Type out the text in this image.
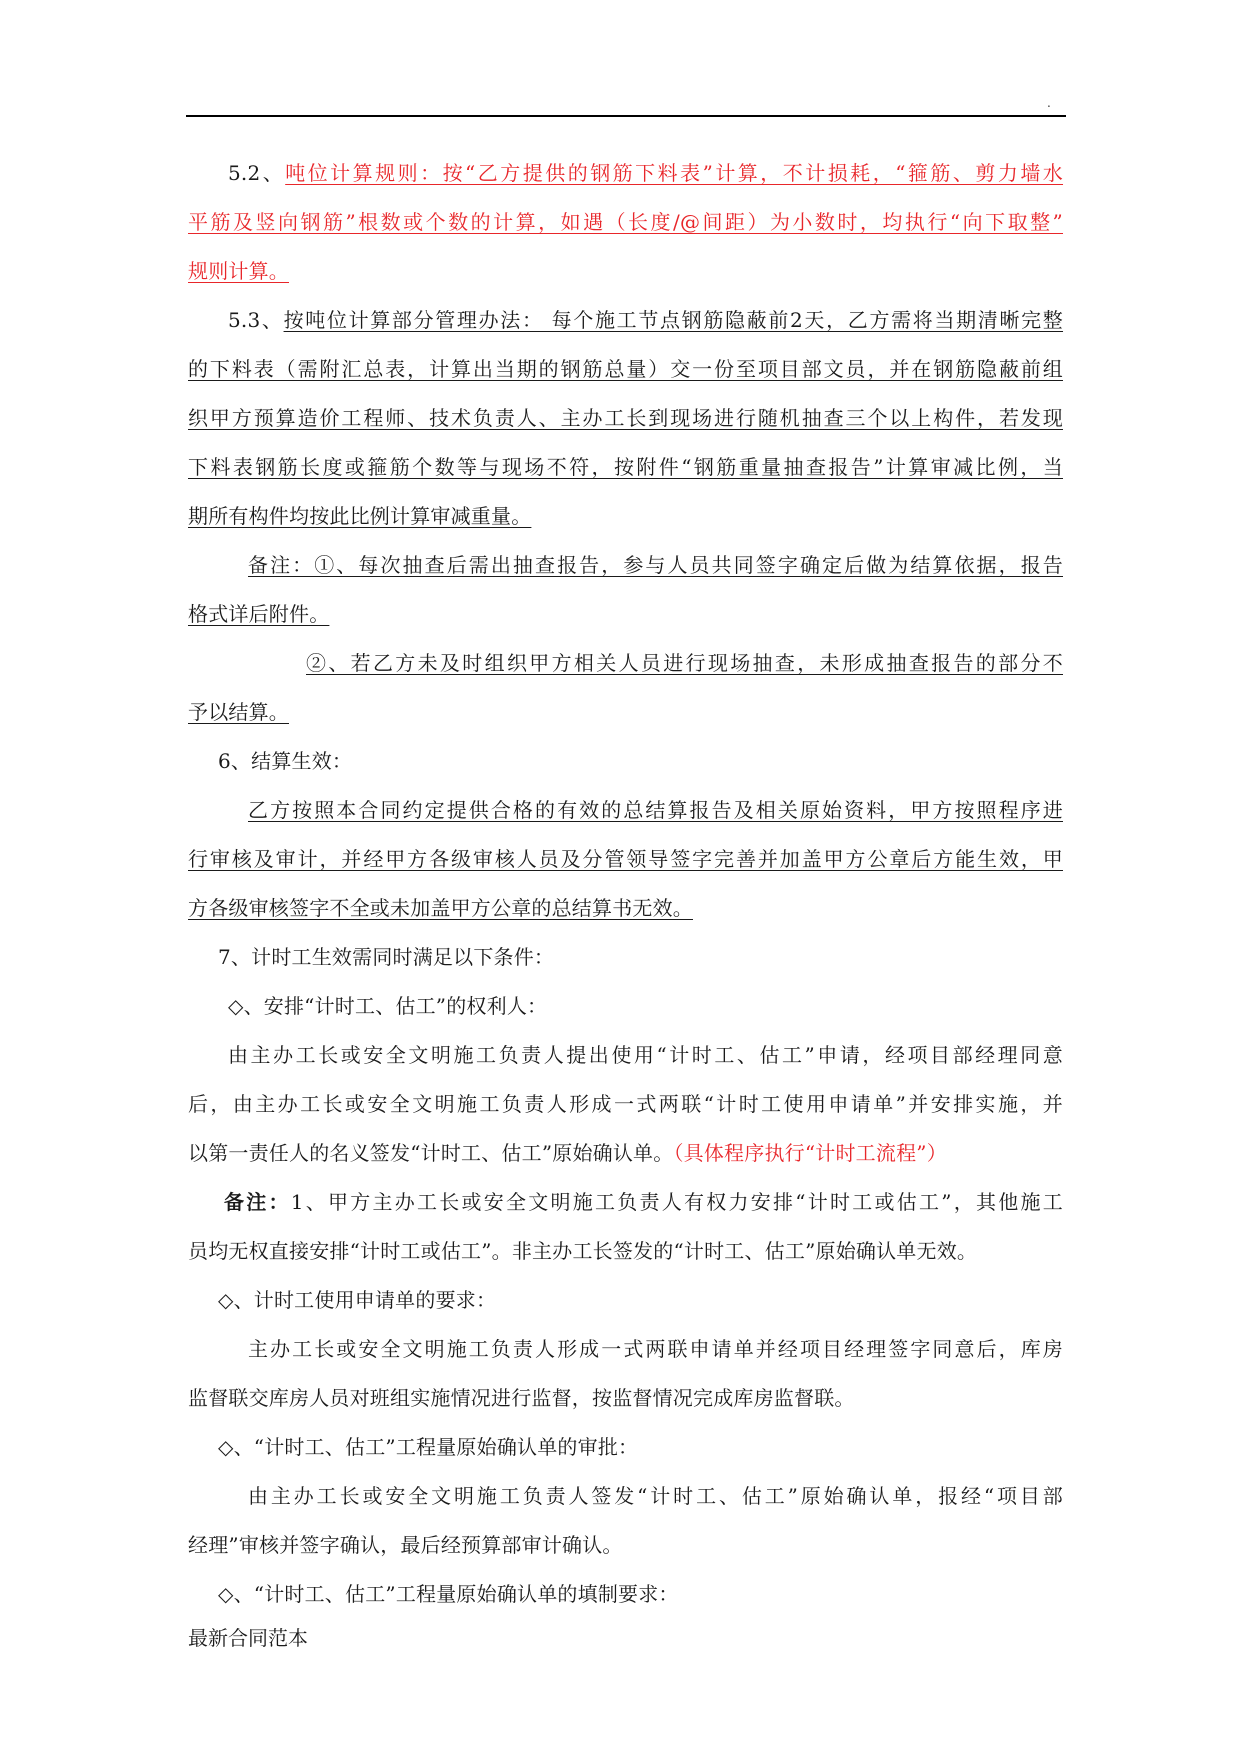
.

5.2、吨位计算规则：按“乙方提供的钢筋下料表”计算，不计损耗，“箍筋、剪力墙水

平筋及竖向钢筋”根数或个数的计算，如遇（长度/@间距）为小数时，均执行“向下取整”

规则计算。

5.3、按吨位计算部分管理办法： 每个施工节点钢筋隐蔽前2天，乙方需将当期清晰完整

的下料表（需附汇总表，计算出当期的钢筋总量）交一份至项目部文员，并在钢筋隐蔽前组

织甲方预算造价工程师、技术负责人、主办工长到现场进行随机抽查三个以上构件，若发现

下料表钢筋长度或箍筋个数等与现场不符，按附件“钢筋重量抽查报告”计算审减比例，当

期所有构件均按此比例计算审减重量。

备注：①、每次抽查后需出抽查报告，参与人员共同签字确定后做为结算依据，报告

格式详后附件。

②、若乙方未及时组织甲方相关人员进行现场抽查，未形成抽查报告的部分不

予以结算。

6、结算生效：

乙方按照本合同约定提供合格的有效的总结算报告及相关原始资料，甲方按照程序进

行审核及审计，并经甲方各级审核人员及分管领导签字完善并加盖甲方公章后方能生效，甲

方各级审核签字不全或未加盖甲方公章的总结算书无效。

7、计时工生效需同时满足以下条件：

◇、安排“计时工、估工”的权利人：

由主办工长或安全文明施工负责人提出使用“计时工、估工”申请，经项目部经理同意

后，由主办工长或安全文明施工负责人形成一式两联“计时工使用申请单”并安排实施，并

以第一责任人的名义签发“计时工、估工”原始确认单。（具体程序执行“计时工流程”）

备注：1、甲方主办工长或安全文明施工负责人有权力安排“计时工或估工”，其他施工

员均无权直接安排“计时工或估工”。非主办工长签发的“计时工、估工”原始确认单无效。

◇、计时工使用申请单的要求：

主办工长或安全文明施工负责人形成一式两联申请单并经项目经理签字同意后，库房

监督联交库房人员对班组实施情况进行监督，按监督情况完成库房监督联。

◇、“计时工、估工”工程量原始确认单的审批：

由主办工长或安全文明施工负责人签发“计时工、估工”原始确认单，报经“项目部

经理”审核并签字确认，最后经预算部审计确认。

◇、“计时工、估工”工程量原始确认单的填制要求：

最新合同范本
